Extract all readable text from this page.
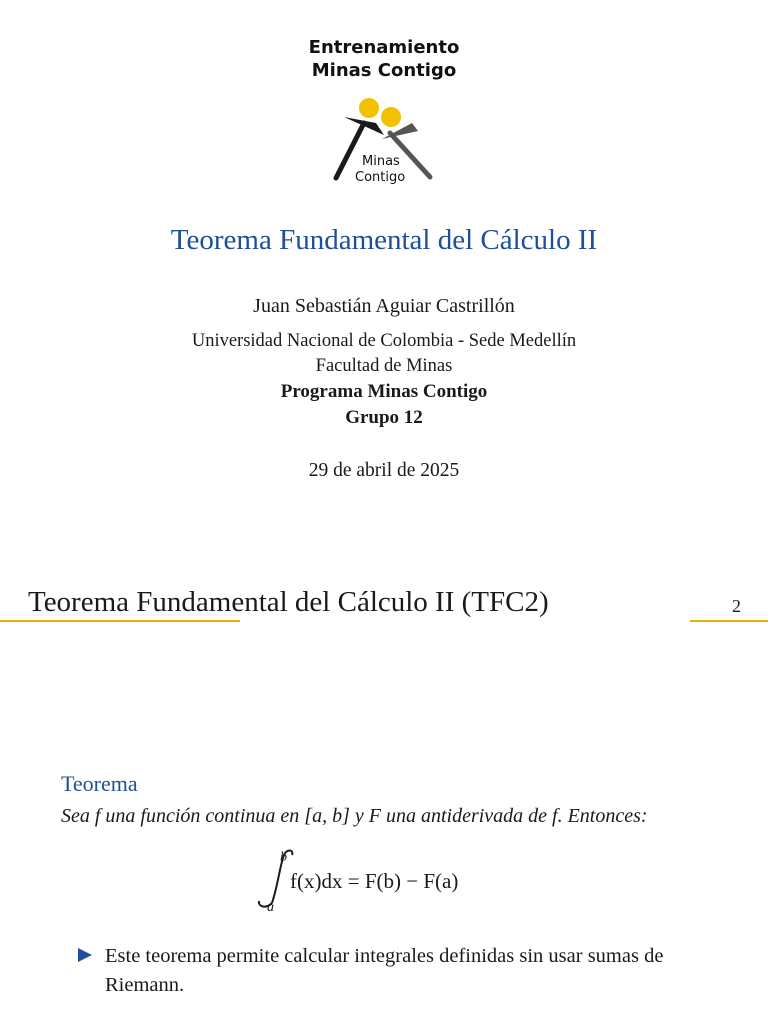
Entrenamiento
Minas Contigo
Minas
Contigo
Teorema Fundamental del Cálculo II
Juan Sebastián Aguiar Castrillón
Universidad Nacional de Colombia - Sede Medellín
Facultad de Minas
Programa Minas Contigo
Grupo 12
29 de abril de 2025
Teorema Fundamental del Cálculo II (TFC2)	2
Teorema
Sea f una función continua en [a, b] y F una antiderivada de f. Entonces:
b
a
f(x)dx = F(b) − F(a)
Este teorema permite calcular integrales definidas sin usar sumas de Riemann.
